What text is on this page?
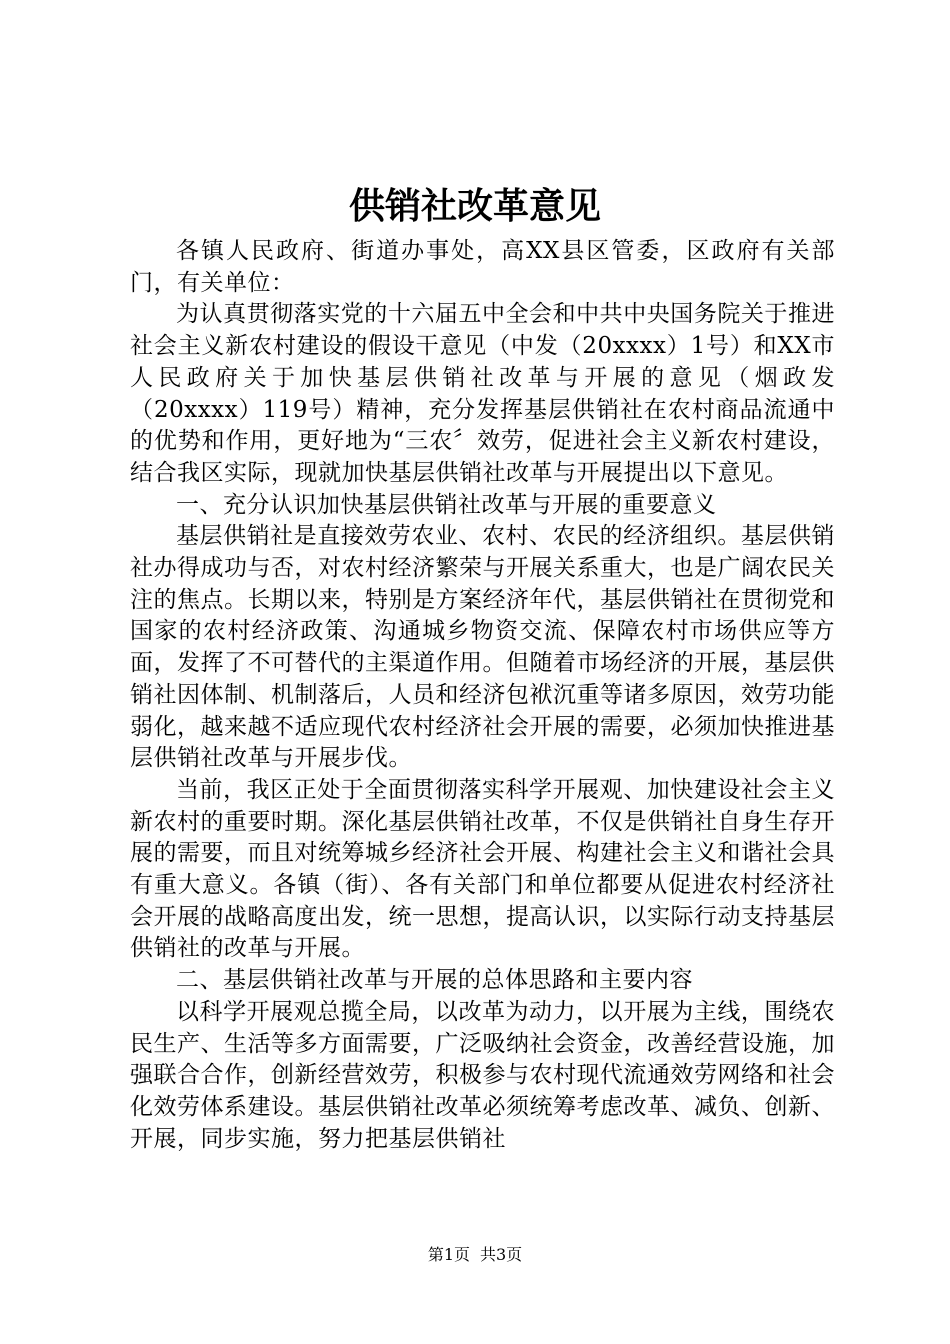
供销社改革意见

各镇人民政府、街道办事处，高XX县区管委，区政府有关部门，有关单位：

为认真贯彻落实党的十六届五中全会和中共中央国务院关于推进社会主义新农村建设的假设干意见（中发（20xxxx）1号）和XX市人民政府关于加快基层供销社改革与开展的意见（烟政发（20xxxx）119号）精神，充分发挥基层供销社在农村商品流通中的优势和作用，更好地为“三农〞效劳，促进社会主义新农村建设，结合我区实际，现就加快基层供销社改革与开展提出以下意见。

一、充分认识加快基层供销社改革与开展的重要意义

基层供销社是直接效劳农业、农村、农民的经济组织。基层供销社办得成功与否，对农村经济繁荣与开展关系重大，也是广阔农民关注的焦点。长期以来，特别是方案经济年代，基层供销社在贯彻党和国家的农村经济政策、沟通城乡物资交流、保障农村市场供应等方面，发挥了不可替代的主渠道作用。但随着市场经济的开展，基层供销社因体制、机制落后，人员和经济包袱沉重等诸多原因，效劳功能弱化，越来越不适应现代农村经济社会开展的需要，必须加快推进基层供销社改革与开展步伐。

当前，我区正处于全面贯彻落实科学开展观、加快建设社会主义新农村的重要时期。深化基层供销社改革，不仅是供销社自身生存开展的需要，而且对统筹城乡经济社会开展、构建社会主义和谐社会具有重大意义。各镇（街）、各有关部门和单位都要从促进农村经济社会开展的战略高度出发，统一思想，提高认识，以实际行动支持基层供销社的改革与开展。

二、基层供销社改革与开展的总体思路和主要内容

以科学开展观总揽全局，以改革为动力，以开展为主线，围绕农民生产、生活等多方面需要，广泛吸纳社会资金，改善经营设施，加强联合合作，创新经营效劳，积极参与农村现代流通效劳网络和社会化效劳体系建设。基层供销社改革必须统筹考虑改革、减负、创新、开展，同步实施，努力把基层供销社

第1页 共3页
